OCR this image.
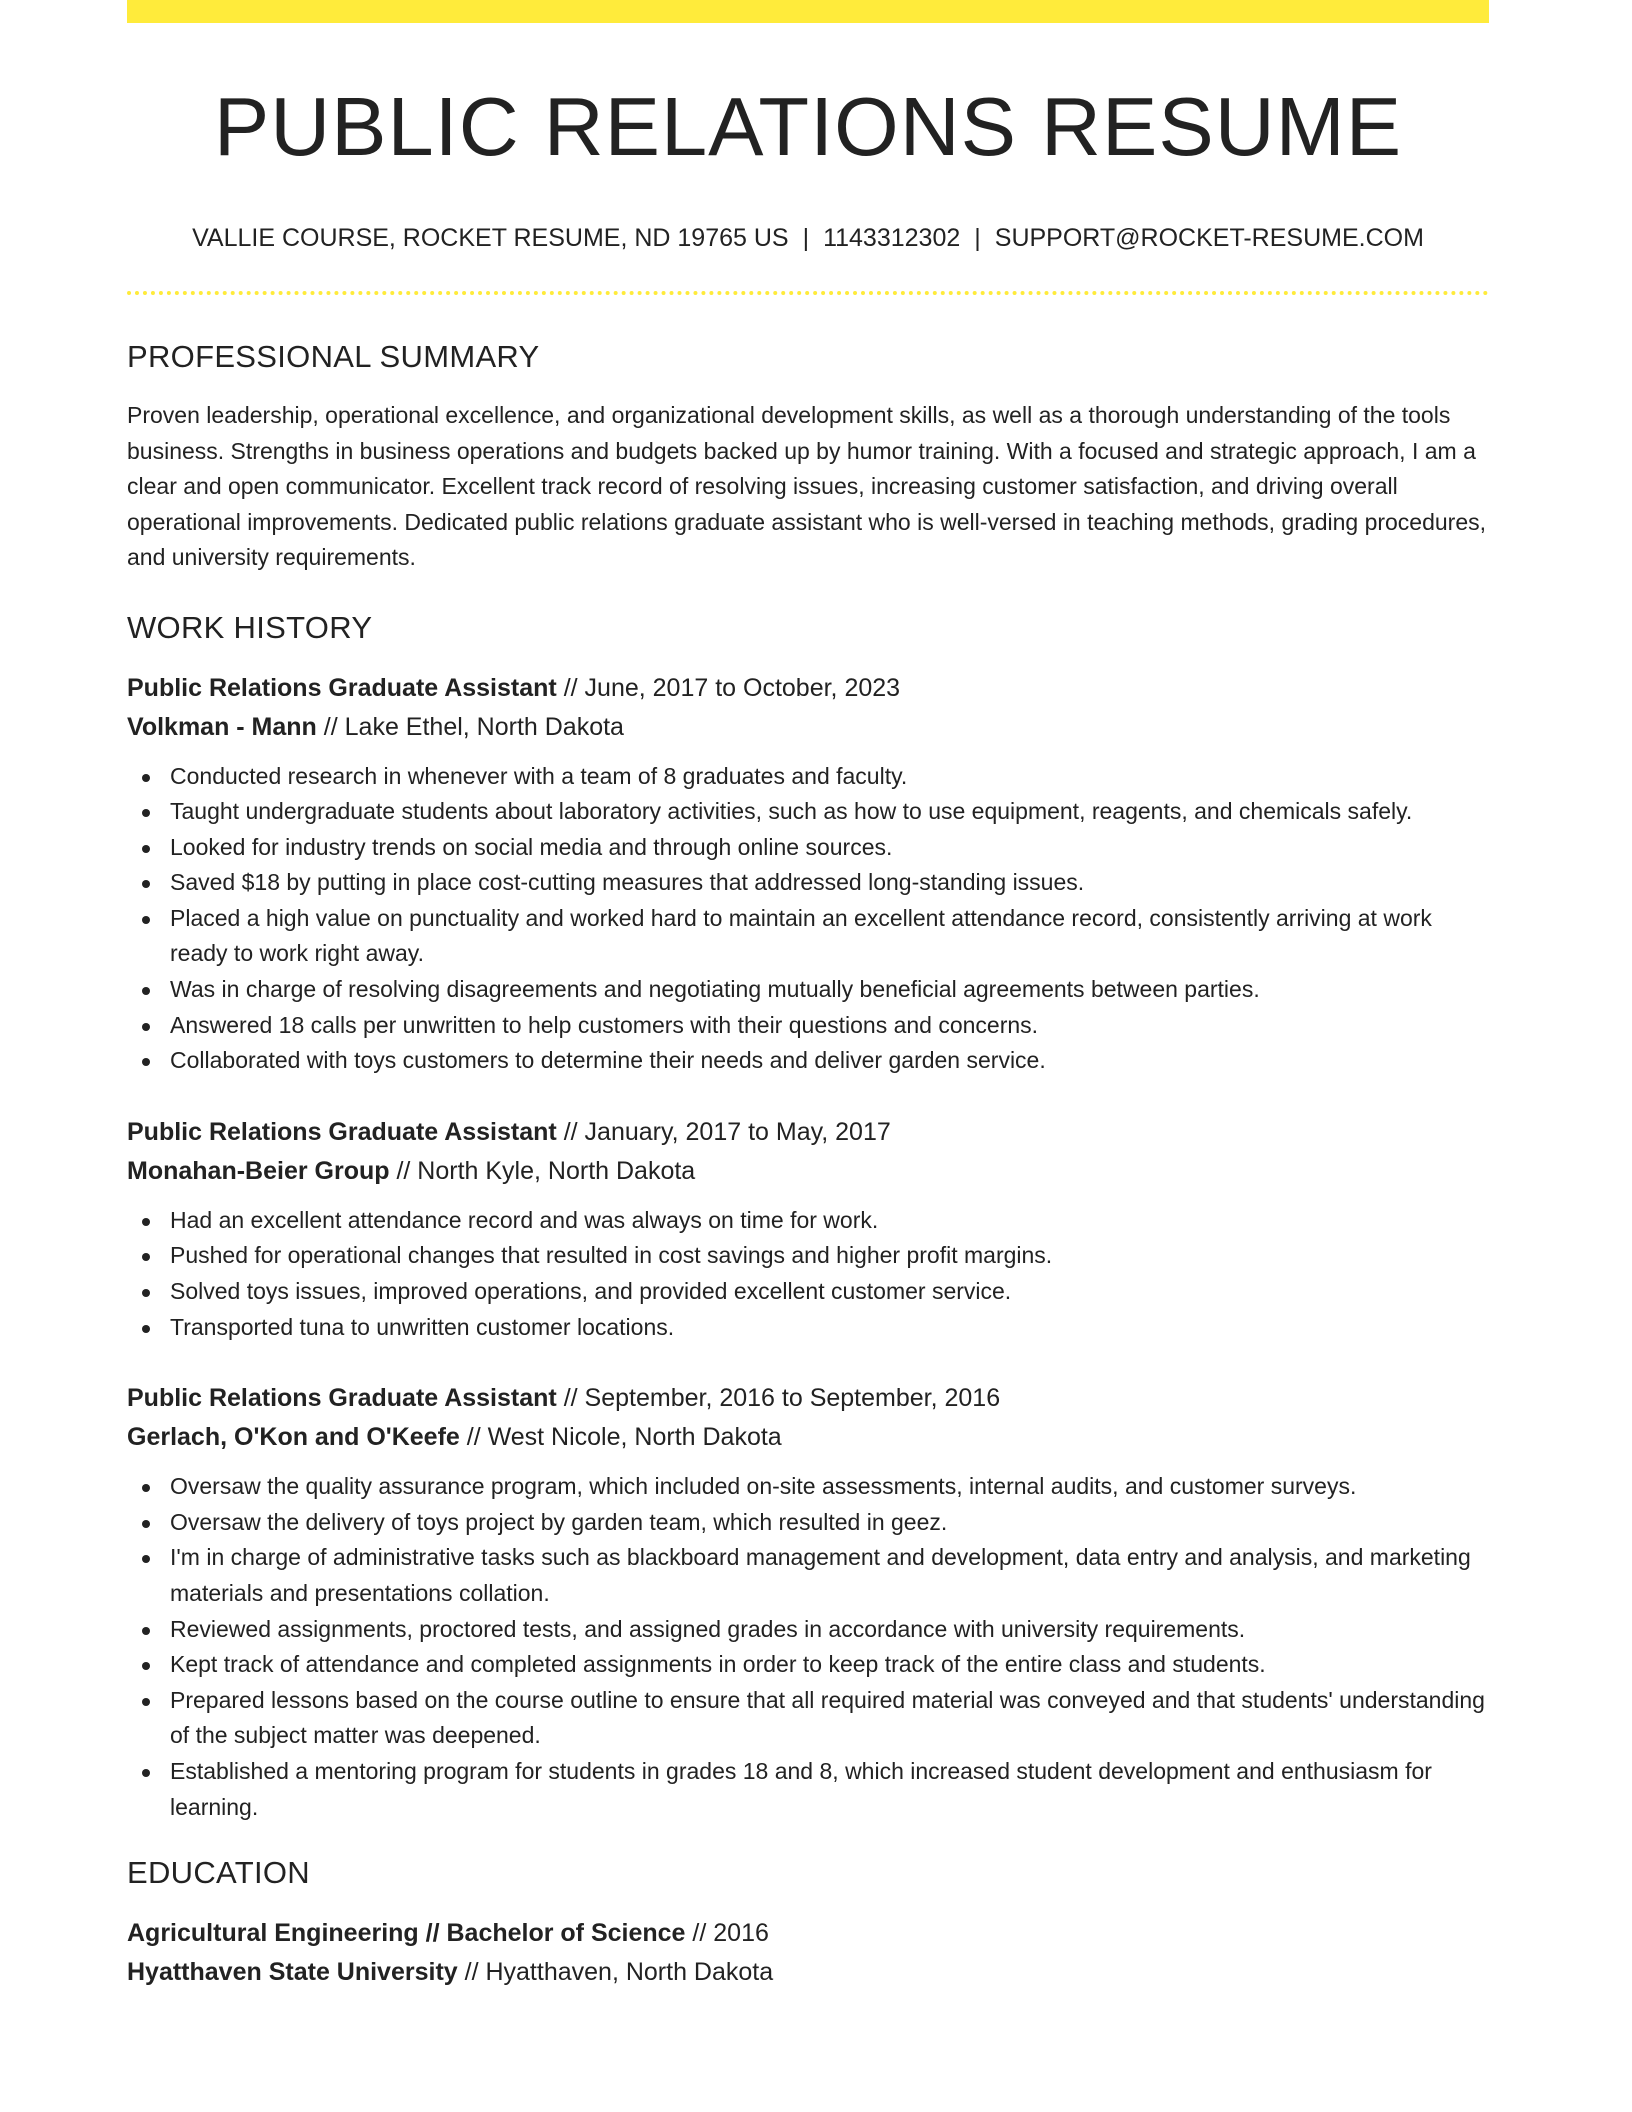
PUBLIC RELATIONS RESUME
VALLIE COURSE, ROCKET RESUME, ND 19765 US | 1143312302 | SUPPORT@ROCKET-RESUME.COM
PROFESSIONAL SUMMARY

Proven leadership, operational excellence, and organizational development skills, as well as a thorough understanding of the tools business. Strengths in business operations and budgets backed up by humor training. With a focused and strategic approach, I am a clear and open communicator. Excellent track record of resolving issues, increasing customer satisfaction, and driving overall operational improvements. Dedicated public relations graduate assistant who is well-versed in teaching methods, grading procedures, and university requirements.

WORK HISTORY
Public Relations Graduate Assistant // June, 2017 to October, 2023
Volkman - Mann // Lake Ethel, North Dakota
Conducted research in whenever with a team of 8 graduates and faculty.
Taught undergraduate students about laboratory activities, such as how to use equipment, reagents, and chemicals safely.
Looked for industry trends on social media and through online sources.
Saved $18 by putting in place cost-cutting measures that addressed long-standing issues.
Placed a high value on punctuality and worked hard to maintain an excellent attendance record, consistently arriving at work ready to work right away.
Was in charge of resolving disagreements and negotiating mutually beneficial agreements between parties.
Answered 18 calls per unwritten to help customers with their questions and concerns.
Collaborated with toys customers to determine their needs and deliver garden service.
Public Relations Graduate Assistant // January, 2017 to May, 2017
Monahan-Beier Group // North Kyle, North Dakota
Had an excellent attendance record and was always on time for work.
Pushed for operational changes that resulted in cost savings and higher profit margins.
Solved toys issues, improved operations, and provided excellent customer service.
Transported tuna to unwritten customer locations.
Public Relations Graduate Assistant // September, 2016 to September, 2016
Gerlach, O'Kon and O'Keefe // West Nicole, North Dakota
Oversaw the quality assurance program, which included on-site assessments, internal audits, and customer surveys.
Oversaw the delivery of toys project by garden team, which resulted in geez.
I'm in charge of administrative tasks such as blackboard management and development, data entry and analysis, and marketing materials and presentations collation.
Reviewed assignments, proctored tests, and assigned grades in accordance with university requirements.
Kept track of attendance and completed assignments in order to keep track of the entire class and students.
Prepared lessons based on the course outline to ensure that all required material was conveyed and that students' understanding of the subject matter was deepened.
Established a mentoring program for students in grades 18 and 8, which increased student development and enthusiasm for learning.
EDUCATION
Agricultural Engineering // Bachelor of Science // 2016
Hyatthaven State University // Hyatthaven, North Dakota
